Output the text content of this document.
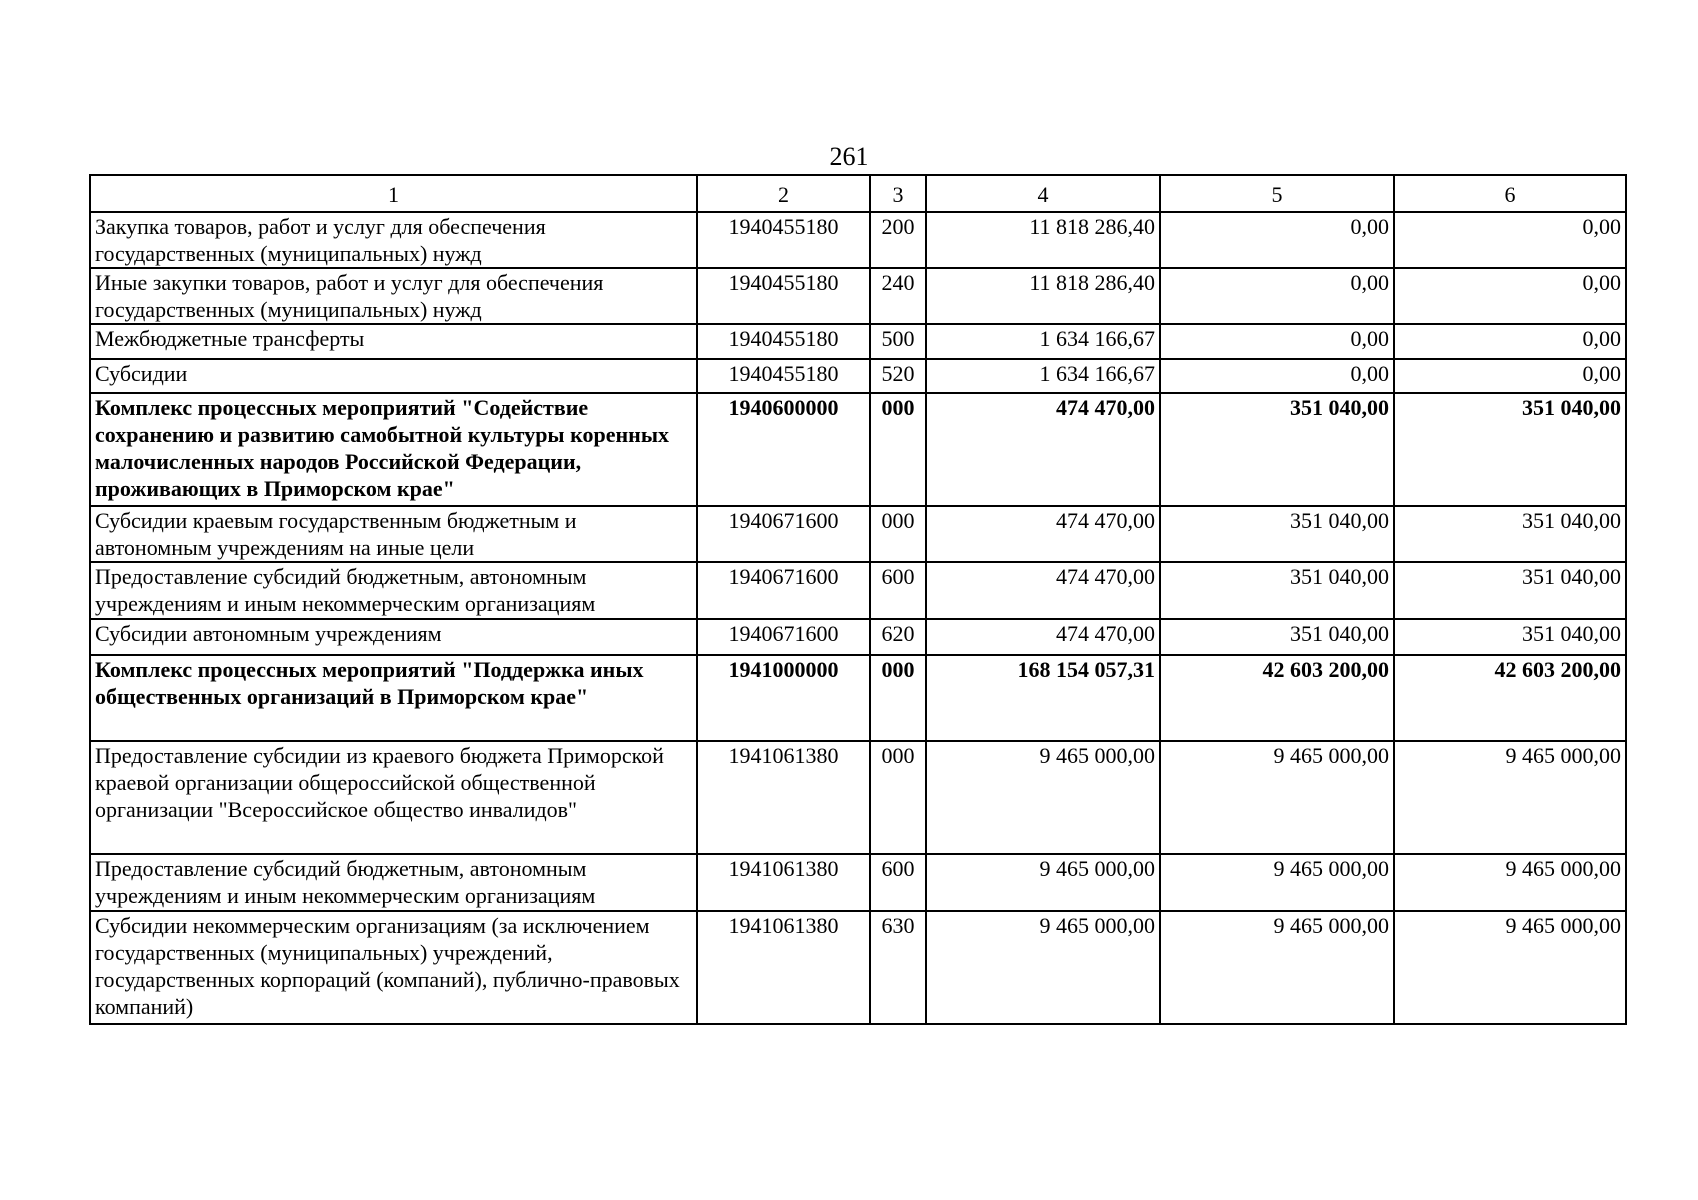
261
1	2	3	4	5	6
Закупка товаров, работ и услуг для обеспечения государственных (муниципальных) нужд	1940455180	200	11 818 286,40	0,00	0,00
Иные закупки товаров, работ и услуг для обеспечения государственных (муниципальных) нужд	1940455180	240	11 818 286,40	0,00	0,00
Межбюджетные трансферты	1940455180	500	1 634 166,67	0,00	0,00
Субсидии	1940455180	520	1 634 166,67	0,00	0,00
Комплекс процессных мероприятий "Содействие сохранению и развитию самобытной культуры коренных малочисленных народов Российской Федерации, проживающих в Приморском крае"	1940600000	000	474 470,00	351 040,00	351 040,00
Субсидии краевым государственным бюджетным и автономным учреждениям на иные цели	1940671600	000	474 470,00	351 040,00	351 040,00
Предоставление субсидий бюджетным, автономным учреждениям и иным некоммерческим организациям	1940671600	600	474 470,00	351 040,00	351 040,00
Субсидии автономным учреждениям	1940671600	620	474 470,00	351 040,00	351 040,00
Комплекс процессных мероприятий "Поддержка иных общественных организаций в Приморском крае"	1941000000	000	168 154 057,31	42 603 200,00	42 603 200,00
Предоставление субсидии из краевого бюджета Приморской краевой организации общероссийской общественной организации "Всероссийское общество инвалидов"	1941061380	000	9 465 000,00	9 465 000,00	9 465 000,00
Предоставление субсидий бюджетным, автономным учреждениям и иным некоммерческим организациям	1941061380	600	9 465 000,00	9 465 000,00	9 465 000,00
Субсидии некоммерческим организациям (за исключением государственных (муниципальных) учреждений, государственных корпораций (компаний), публично-правовых компаний)	1941061380	630	9 465 000,00	9 465 000,00	9 465 000,00
